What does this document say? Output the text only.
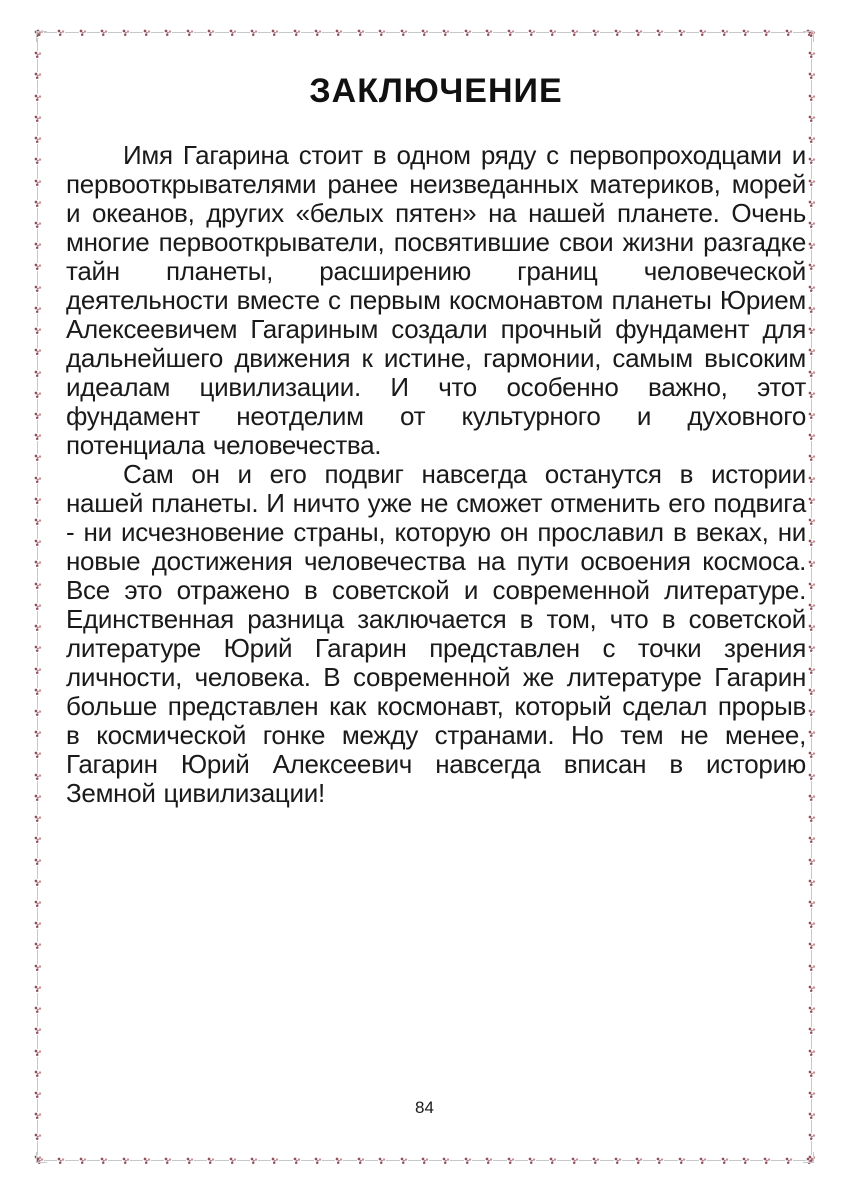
ЗАКЛЮЧЕНИЕ

Имя Гагарина стоит в одном ряду с первопроходцами и первооткрывателями ранее неизведанных материков, морей и океанов, других «белых пятен» на нашей планете. Очень многие первооткрыватели, посвятившие свои жизни разгадке тайн планеты, расширению границ человеческой деятельности вместе с первым космонавтом планеты Юрием Алексеевичем Гагариным создали прочный фундамент для дальнейшего движения к истине, гармонии, самым высоким идеалам цивилизации. И что особенно важно, этот фундамент неотделим от культурного и духовного потенциала человечества.

Сам он и его подвиг навсегда останутся в истории нашей планеты. И ничто уже не сможет отменить его подвига - ни исчезновение страны, которую он прославил в веках, ни новые достижения человечества на пути освоения космоса. Все это отражено в советской и современной литературе. Единственная разница заключается в том, что в советской литературе Юрий Гагарин представлен с точки зрения личности, человека. В современной же литературе Гагарин больше представлен как космонавт, который сделал прорыв в космической гонке между странами. Но тем не менее, Гагарин Юрий Алексеевич навсегда вписан в историю Земной цивилизации!

84
